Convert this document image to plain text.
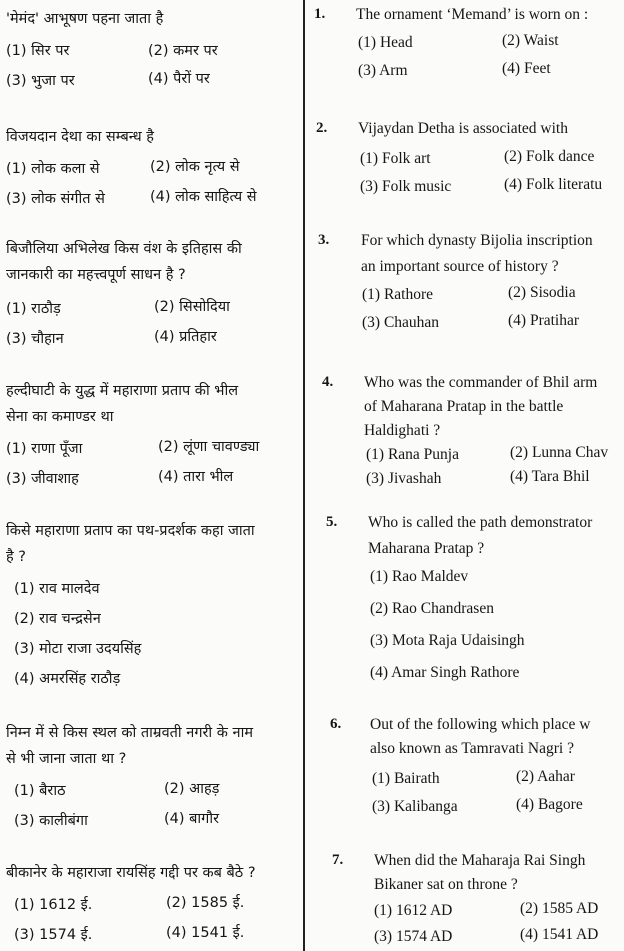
'मेमंद' आभूषण पहना जाता है
(1) सिर पर	(2) कमर पर
(3) भुजा पर	(4) पैरों पर
विजयदान देथा का सम्बन्ध है
(1) लोक कला से	(2) लोक नृत्य से
(3) लोक संगीत से	(4) लोक साहित्य से
बिजौलिया अभिलेख किस वंश के इतिहास की
जानकारी का महत्त्वपूर्ण साधन है ?
(1) राठौड़	(2) सिसोदिया
(3) चौहान	(4) प्रतिहार
हल्दीघाटी के युद्ध में महाराणा प्रताप की भील
सेना का कमाण्डर था
(1) राणा पूँजा	(2) लूंणा चावण्ड्या
(3) जीवाशाह	(4) तारा भील
किसे महाराणा प्रताप का पथ-प्रदर्शक कहा जाता
है ?
(1) राव मालदेव
(2) राव चन्द्रसेन
(3) मोटा राजा उदयसिंह
(4) अमरसिंह राठौड़
निम्न में से किस स्थल को ताम्रवती नगरी के नाम
से भी जाना जाता था ?
(1) बैराठ	(2) आहड़
(3) कालीबंगा	(4) बागौर
बीकानेर के महाराजा रायसिंह गद्दी पर कब बैठे ?
(1) 1612 ई.	(2) 1585 ई.
(3) 1574 ई.	(4) 1541 ई.
1. The ornament ‘Memand’ is worn on :
(1) Head	(2) Waist
(3) Arm	(4) Feet
2. Vijaydan Detha is associated with
(1) Folk art	(2) Folk dance
(3) Folk music	(4) Folk literatu
3. For which dynasty Bijolia inscription
an important source of history ?
(1) Rathore	(2) Sisodia
(3) Chauhan	(4) Pratihar
4. Who was the commander of Bhil arm
of Maharana Pratap in the battle
Haldighati ?
(1) Rana Punja	(2) Lunna Chav
(3) Jivashah	(4) Tara Bhil
5. Who is called the path demonstrator
Maharana Pratap ?
(1) Rao Maldev
(2) Rao Chandrasen
(3) Mota Raja Udaisingh
(4) Amar Singh Rathore
6. Out of the following which place w
also known as Tamravati Nagri ?
(1) Bairath	(2) Aahar
(3) Kalibanga	(4) Bagore
7. When did the Maharaja Rai Singh
Bikaner sat on throne ?
(1) 1612 AD	(2) 1585 AD
(3) 1574 AD	(4) 1541 AD
